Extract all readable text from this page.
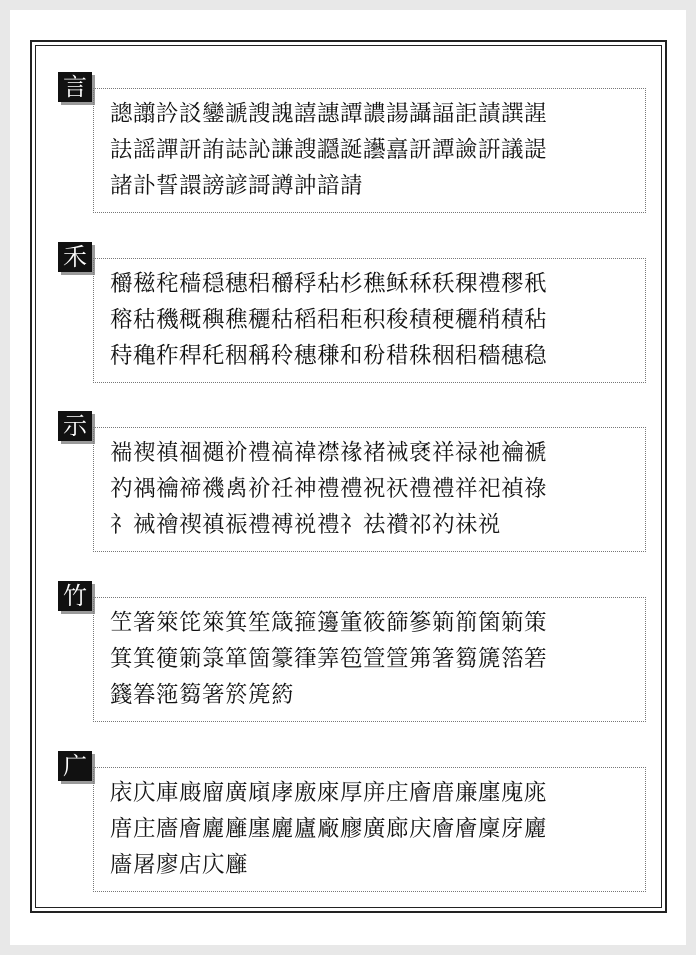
言
謥譾訡訤鑾謕謏謉譆譓譚譨諹讘諨詎謮譔謃
詓謡譂訮詴誌訫謙謏讔誕讛譶訮譚譣詽議諟
諸訃誓譞謗諺謌譐訲諳請
禾
穱稵秺穑穏穗稆穱稃秥杉穛稣秝秗稞禮穋秖
穃秙穖穊穥穛穲秙稻稆秬积稄積稉穲稍積秥
秲穐秨稈秅秵稱秢穗稴和秎稓秼秵稆穡穗稳
示
褍褉禛祻禵祄禮禞禕襟禒褚祴褎祥禄祂禴禠
礿禑禴禘禨禼祄祍神禮禮祝祆禮禮祥祀禎祿
礻祴禬禊禛祳禮禣祱禮礻祛禶祁礿祙祱
竹
笁箸箂笓箂箕笙箴箍籩箽筱篩篸箣箾箘箣策
箕箕箯箣箓箪箇籇箻筭笣箮箮笰箸篘篪箈箬
籛箺筂篘箸箊箎箹
广
庡庂庫廄廇廣廎庨廒庲厚庰庄廥庴廉廛廆庣
庴庄廧廥廲廱廛廲廬廠廫廣廊庆廥廥廩庌廲
廧屠廖店庂廱
